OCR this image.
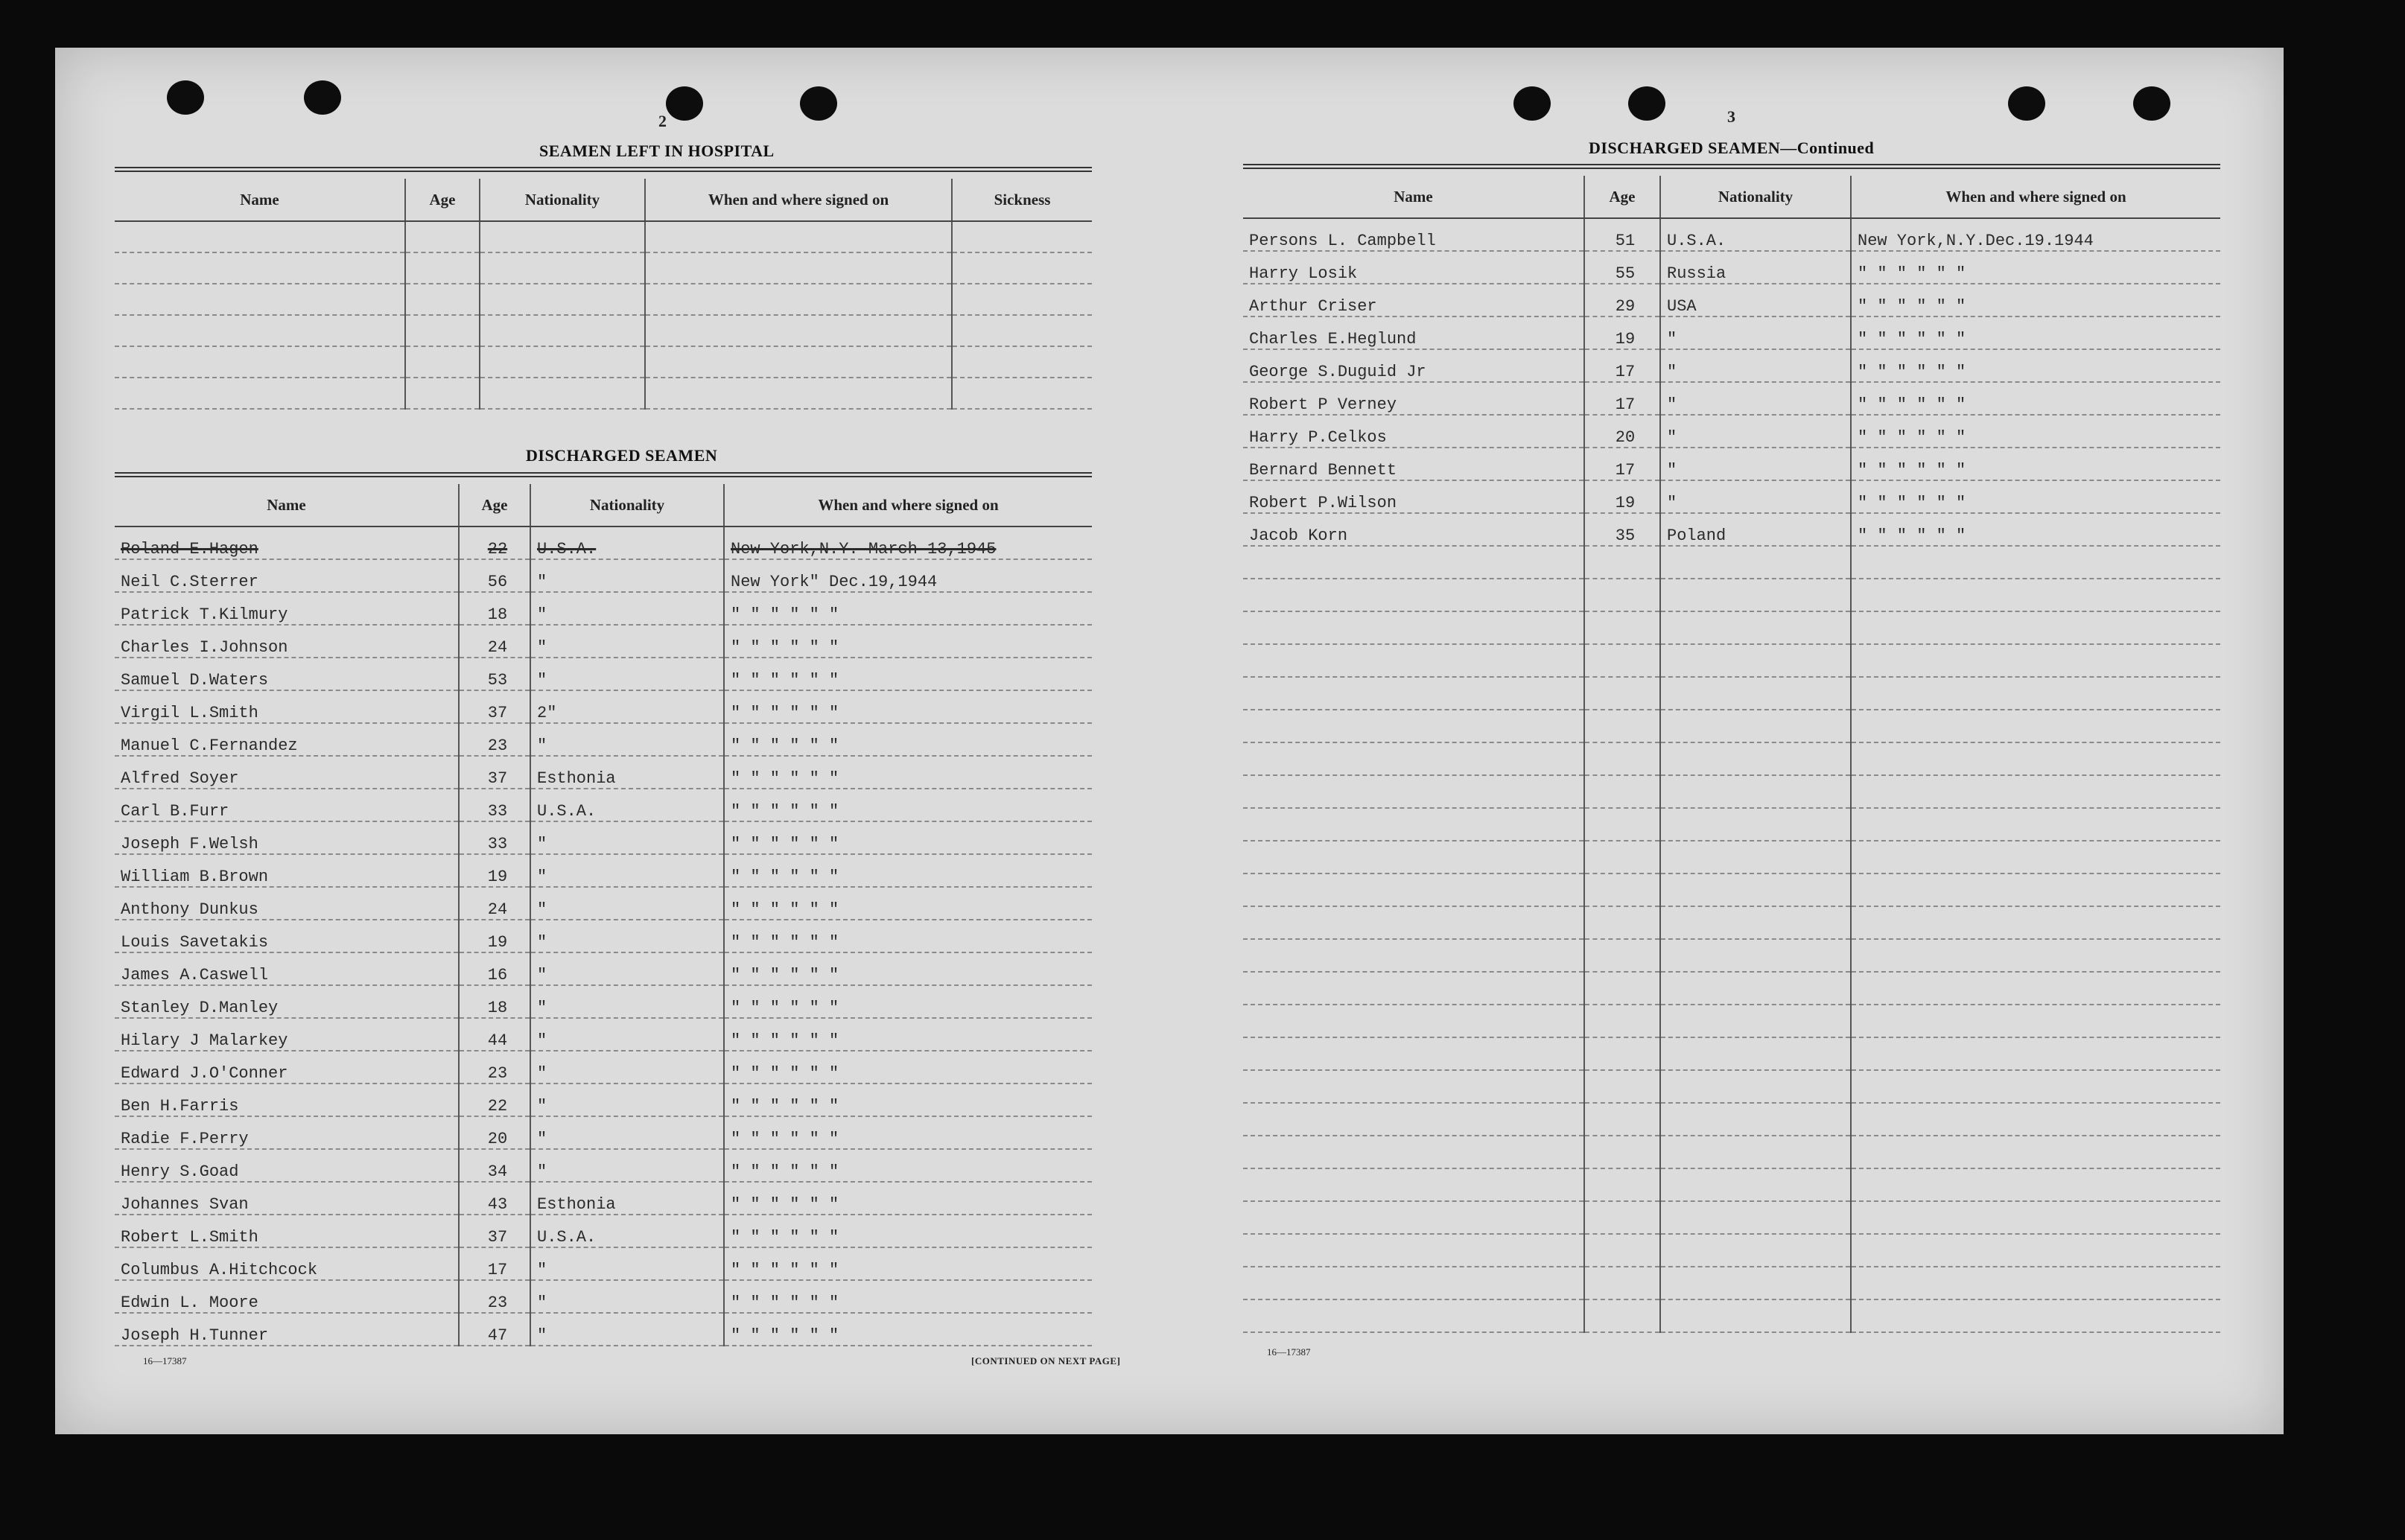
2
SEAMEN LEFT IN HOSPITAL
Name	Age	Nationality	When and where signed on	Sickness

DISCHARGED SEAMEN
Name	Age	Nationality	When and where signed on
Roland E.Hagen	22	U.S.A.	New York,N.Y. March 13,1945
Neil C.Sterrer	56	"	New York" Dec.19,1944
Patrick T.Kilmury	18	"	" " " " " "
Charles I.Johnson	24	"	" " " " " "
Samuel D.Waters	53	"	" " " " " "
Virgil L.Smith	37	2"	" " " " " "
Manuel C.Fernandez	23	"	" " " " " "
Alfred Soyer	37	Esthonia	" " " " " "
Carl B.Furr	33	U.S.A.	" " " " " "
Joseph F.Welsh	33	"	" " " " " "
William B.Brown	19	"	" " " " " "
Anthony Dunkus	24	"	" " " " " "
Louis Savetakis	19	"	" " " " " "
James A.Caswell	16	"	" " " " " "
Stanley D.Manley	18	"	" " " " " "
Hilary J Malarkey	44	"	" " " " " "
Edward J.O'Conner	23	"	" " " " " "
Ben H.Farris	22	"	" " " " " "
Radie F.Perry	20	"	" " " " " "
Henry S.Goad	34	"	" " " " " "
Johannes Svan	43	Esthonia	" " " " " "
Robert L.Smith	37	U.S.A.	" " " " " "
Columbus A.Hitchcock	17	"	" " " " " "
Edwin L. Moore	23	"	" " " " " "
Joseph H.Tunner	47	"	" " " " " "
16—17387	[CONTINUED ON NEXT PAGE]
3
DISCHARGED SEAMEN—Continued
Name	Age	Nationality	When and where signed on
Persons L. Campbell	51	U.S.A.	New York,N.Y.Dec.19.1944
Harry Losik	55	Russia	" " " " " "
Arthur Criser	29	USA	" " " " " "
Charles E.Heglund	19	"	" " " " " "
George S.Duguid Jr	17	"	" " " " " "
Robert P Verney	17	"	" " " " " "
Harry P.Celkos	20	"	" " " " " "
Bernard Bennett	17	"	" " " " " "
Robert P.Wilson	19	"	" " " " " "
Jacob Korn	35	Poland	" " " " " "

16—17387
